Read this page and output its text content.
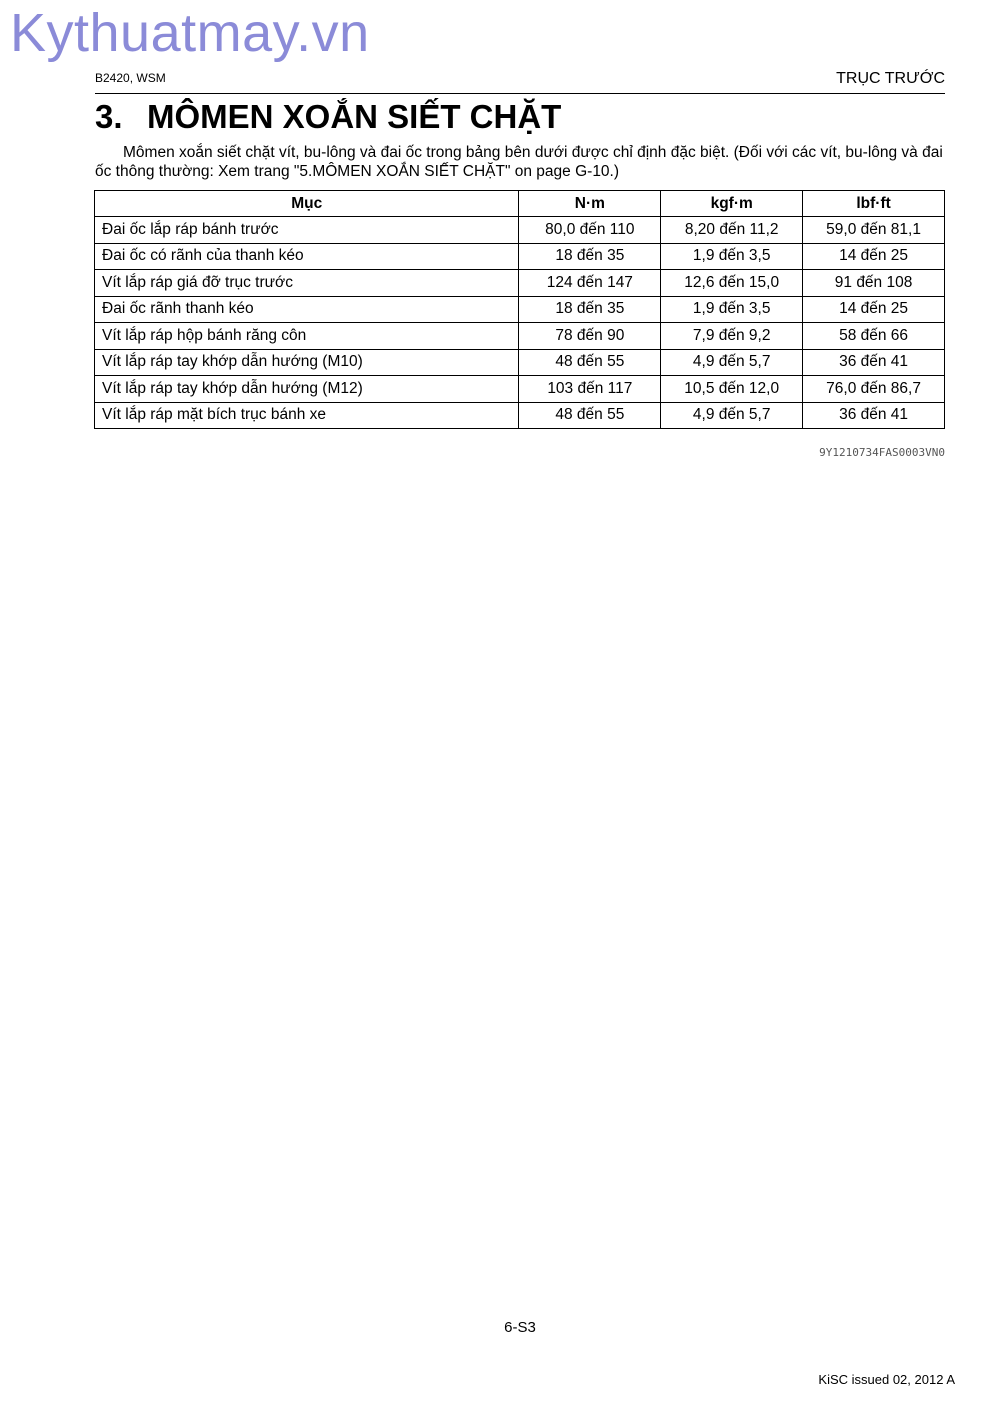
Kythuatmay.vn
B2420, WSM	TRỤC TRƯỚC
3. MÔMEN XOẮN SIẾT CHẶT
Mômen xoắn siết chặt vít, bu-lông và đai ốc trong bảng bên dưới được chỉ định đặc biệt. (Đối với các vít, bu-lông và đai ốc thông thường: Xem trang "5.MÔMEN XOẮN SIẾT CHẶT" on page G-10.)
Mục	N·m	kgf·m	lbf·ft
Đai ốc lắp ráp bánh trước	80,0 đến 110	8,20 đến 11,2	59,0 đến 81,1
Đai ốc có rãnh của thanh kéo	18 đến 35	1,9 đến 3,5	14 đến 25
Vít lắp ráp giá đỡ trục trước	124 đến 147	12,6 đến 15,0	91 đến 108
Đai ốc rãnh thanh kéo	18 đến 35	1,9 đến 3,5	14 đến 25
Vít lắp ráp hộp bánh răng côn	78 đến 90	7,9 đến 9,2	58 đến 66
Vít lắp ráp tay khớp dẫn hướng (M10)	48 đến 55	4,9 đến 5,7	36 đến 41
Vít lắp ráp tay khớp dẫn hướng (M12)	103 đến 117	10,5 đến 12,0	76,0 đến 86,7
Vít lắp ráp mặt bích trục bánh xe	48 đến 55	4,9 đến 5,7	36 đến 41
9Y1210734FAS0003VN0
6-S3
KiSC issued 02, 2012 A
